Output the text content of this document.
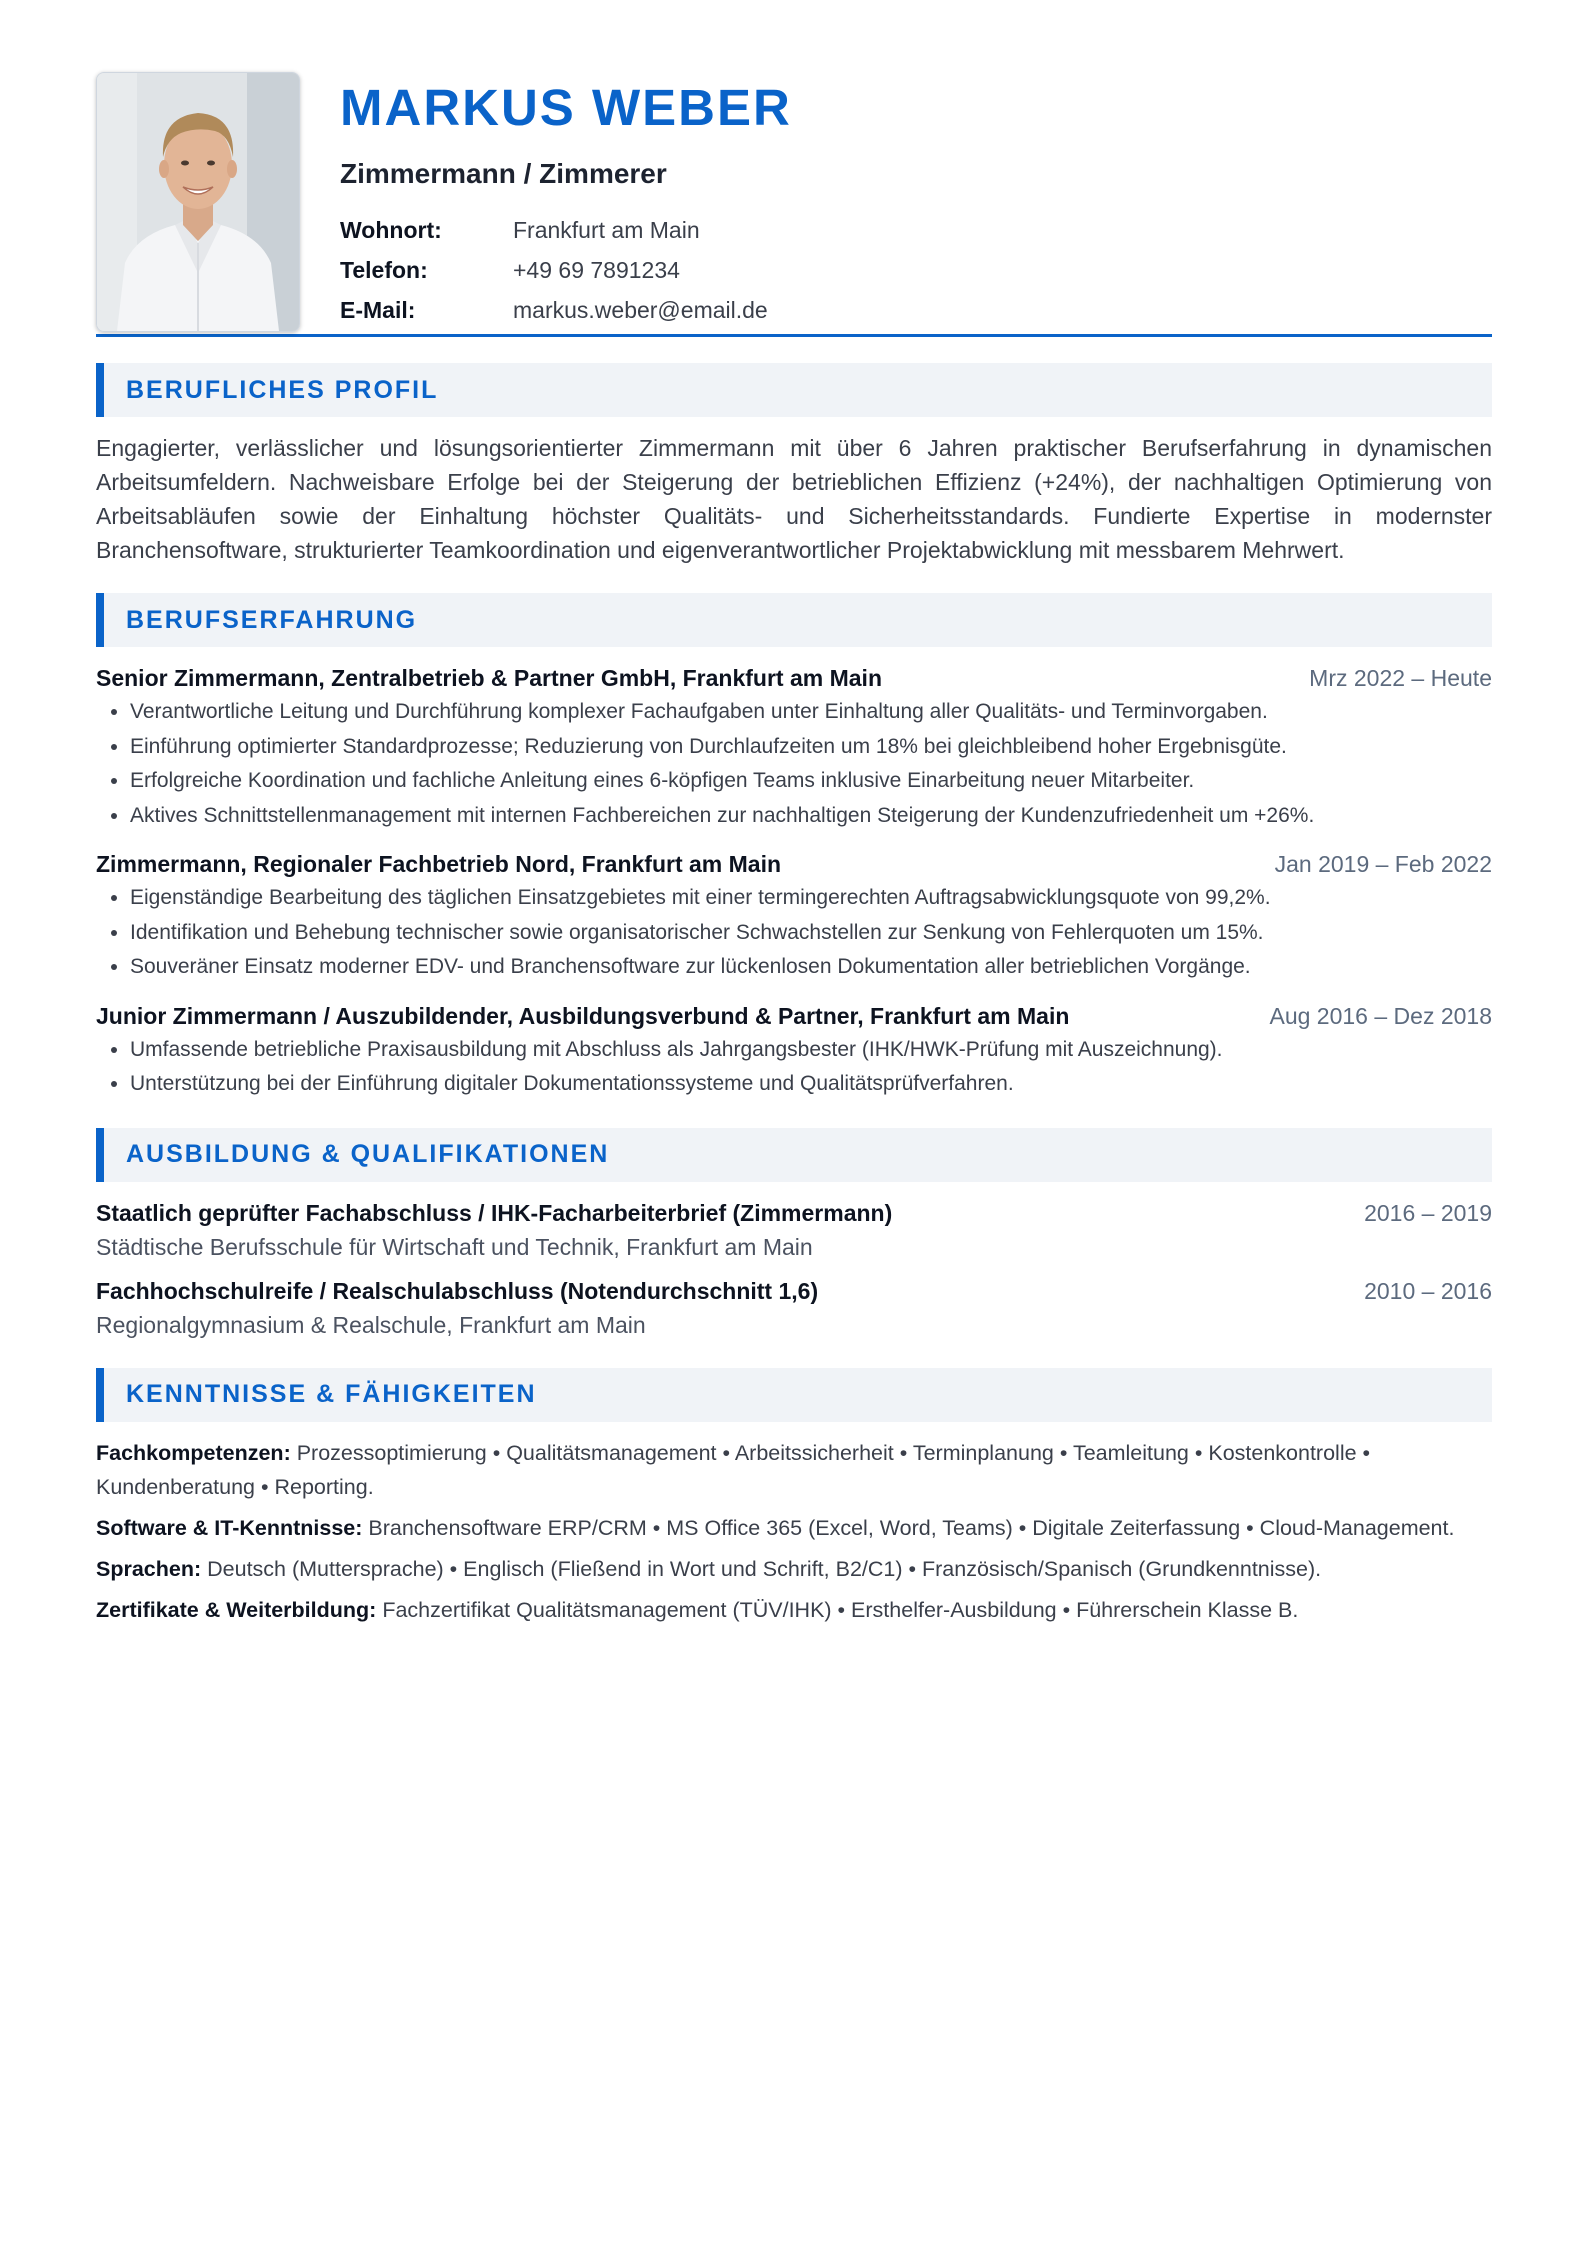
MARKUS WEBER
Zimmermann / Zimmerer
Wohnort:	Frankfurt am Main
Telefon:	+49 69 7891234
E-Mail:	markus.weber@email.de
BERUFLICHES PROFIL
Engagierter, verlässlicher und lösungsorientierter Zimmermann mit über 6 Jahren praktischer Berufserfahrung in dynamischen Arbeitsumfeldern. Nachweisbare Erfolge bei der Steigerung der betrieblichen Effizienz (+24%), der nachhaltigen Optimierung von Arbeitsabläufen sowie der Einhaltung höchster Qualitäts- und Sicherheitsstandards. Fundierte Expertise in modernster Branchensoftware, strukturierter Teamkoordination und eigenverantwortlicher Projektabwicklung mit messbarem Mehrwert.
BERUFSERFAHRUNG
Senior Zimmermann, Zentralbetrieb & Partner GmbH, Frankfurt am Main	Mrz 2022 – Heute
• Verantwortliche Leitung und Durchführung komplexer Fachaufgaben unter Einhaltung aller Qualitäts- und Terminvorgaben.
• Einführung optimierter Standardprozesse; Reduzierung von Durchlaufzeiten um 18% bei gleichbleibend hoher Ergebnisgüte.
• Erfolgreiche Koordination und fachliche Anleitung eines 6-köpfigen Teams inklusive Einarbeitung neuer Mitarbeiter.
• Aktives Schnittstellenmanagement mit internen Fachbereichen zur nachhaltigen Steigerung der Kundenzufriedenheit um +26%.
Zimmermann, Regionaler Fachbetrieb Nord, Frankfurt am Main	Jan 2019 – Feb 2022
• Eigenständige Bearbeitung des täglichen Einsatzgebietes mit einer termingerechten Auftragsabwicklungsquote von 99,2%.
• Identifikation und Behebung technischer sowie organisatorischer Schwachstellen zur Senkung von Fehlerquoten um 15%.
• Souveräner Einsatz moderner EDV- und Branchensoftware zur lückenlosen Dokumentation aller betrieblichen Vorgänge.
Junior Zimmermann / Auszubildender, Ausbildungsverbund & Partner, Frankfurt am Main	Aug 2016 – Dez 2018
• Umfassende betriebliche Praxisausbildung mit Abschluss als Jahrgangsbester (IHK/HWK-Prüfung mit Auszeichnung).
• Unterstützung bei der Einführung digitaler Dokumentationssysteme und Qualitätsprüfverfahren.
AUSBILDUNG & QUALIFIKATIONEN
Staatlich geprüfter Fachabschluss / IHK-Facharbeiterbrief (Zimmermann)	2016 – 2019
Städtische Berufsschule für Wirtschaft und Technik, Frankfurt am Main
Fachhochschulreife / Realschulabschluss (Notendurchschnitt 1,6)	2010 – 2016
Regionalgymnasium & Realschule, Frankfurt am Main
KENNTNISSE & FÄHIGKEITEN
Fachkompetenzen: Prozessoptimierung • Qualitätsmanagement • Arbeitssicherheit • Terminplanung • Teamleitung • Kostenkontrolle • Kundenberatung • Reporting.
Software & IT-Kenntnisse: Branchensoftware ERP/CRM • MS Office 365 (Excel, Word, Teams) • Digitale Zeiterfassung • Cloud-Management.
Sprachen: Deutsch (Muttersprache) • Englisch (Fließend in Wort und Schrift, B2/C1) • Französisch/Spanisch (Grundkenntnisse).
Zertifikate & Weiterbildung: Fachzertifikat Qualitätsmanagement (TÜV/IHK) • Ersthelfer-Ausbildung • Führerschein Klasse B.
